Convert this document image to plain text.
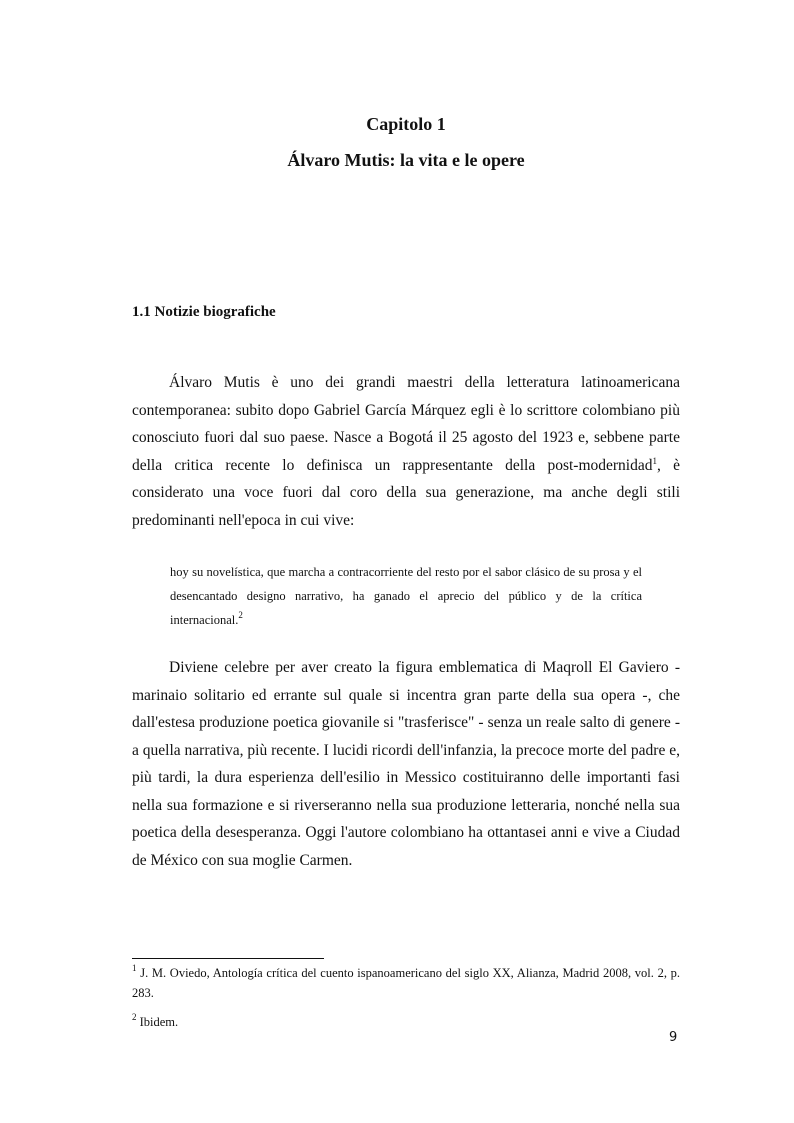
Capitolo 1
Álvaro Mutis: la vita e le opere
1.1 Notizie biografiche

Álvaro Mutis è uno dei grandi maestri della letteratura latinoamericana contemporanea: subito dopo Gabriel García Márquez egli è lo scrittore colombiano più conosciuto fuori dal suo paese. Nasce a Bogotá il 25 agosto del 1923 e, sebbene parte della critica recente lo definisca un rappresentante della post-modernidad$^1$, è considerato una voce fuori dal coro della sua generazione, ma anche degli stili predominanti nell'epoca in cui vive:

hoy su novelística, que marcha a contracorriente del resto por el sabor clásico de su prosa y el desencantado designo narrativo, ha ganado el aprecio del público y de la crítica internacional.$^2$

Diviene celebre per aver creato la figura emblematica di Maqroll El Gaviero - marinaio solitario ed errante sul quale si incentra gran parte della sua opera -, che dall'estesa produzione poetica giovanile si "trasferisce" - senza un reale salto di genere - a quella narrativa, più recente. I lucidi ricordi dell'infanzia, la precoce morte del padre e, più tardi, la dura esperienza dell'esilio in Messico costituiranno delle importanti fasi nella sua formazione e si riverseranno nella sua produzione letteraria, nonché nella sua poetica della desesperanza. Oggi l'autore colombiano ha ottantasei anni e vive a Ciudad de México con sua moglie Carmen.

$^1$ J. M. Oviedo, Antología crítica del cuento ispanoamericano del siglo XX, Alianza, Madrid 2008, vol. 2, p. 283.

$^2$ Ibidem.

9
